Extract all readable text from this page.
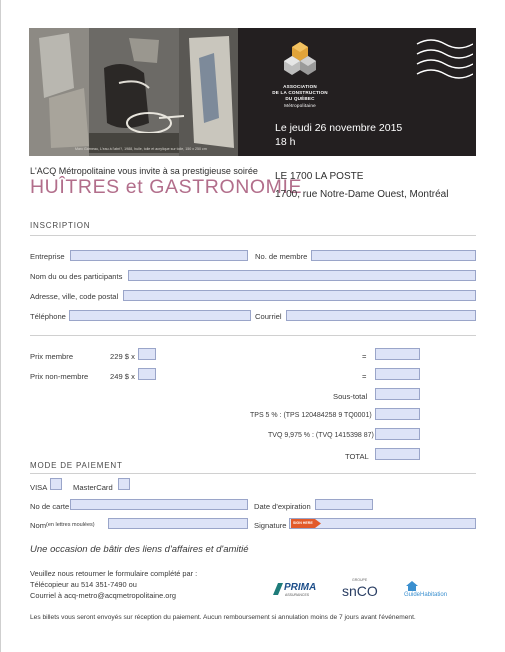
Marc Garneau, L'eau à l'abri?, 1988, huile, toile et acrylique sur toile, 150 x 250 cm
ASSOCIATION
DE LA CONSTRUCTION
DU QUÉBEC
Métropolitaine
Le jeudi 26 novembre 2015
18 h
L'ACQ Métropolitaine vous invite à sa prestigieuse soirée
HUÎTRES et GASTRONOMIE
LE 1700 LA POSTE
1700, rue Notre-Dame Ouest, Montréal
INSCRIPTION
Entreprise	No. de membre
Nom du ou des participants
Adresse, ville, code postal
Téléphone	Courriel
Prix membre	229 $ x	=
Prix non-membre	249 $ x	=
Sous-total
TPS 5 % : (TPS 120484258 9 TQ0001)
TVQ 9,975 % : (TVQ 1415398 87)
TOTAL
MODE DE PAIEMENT
VISA	MasterCard
No de carte	Date d'expiration
Nom (en lettres moulées)	Signature SIGN HERE
Une occasion de bâtir des liens d'affaires et d'amitié
Veuillez nous retourner le formulaire complété par :
Télécopieur au 514 351-7490 ou
Courriel à acq-metro@acqmetropolitaine.org
PRIMA
ASSURANCES
GROUPE
snCO	GuideHabitation
Les billets vous seront envoyés sur réception du paiement. Aucun remboursement si annulation moins de 7 jours avant l'événement.
